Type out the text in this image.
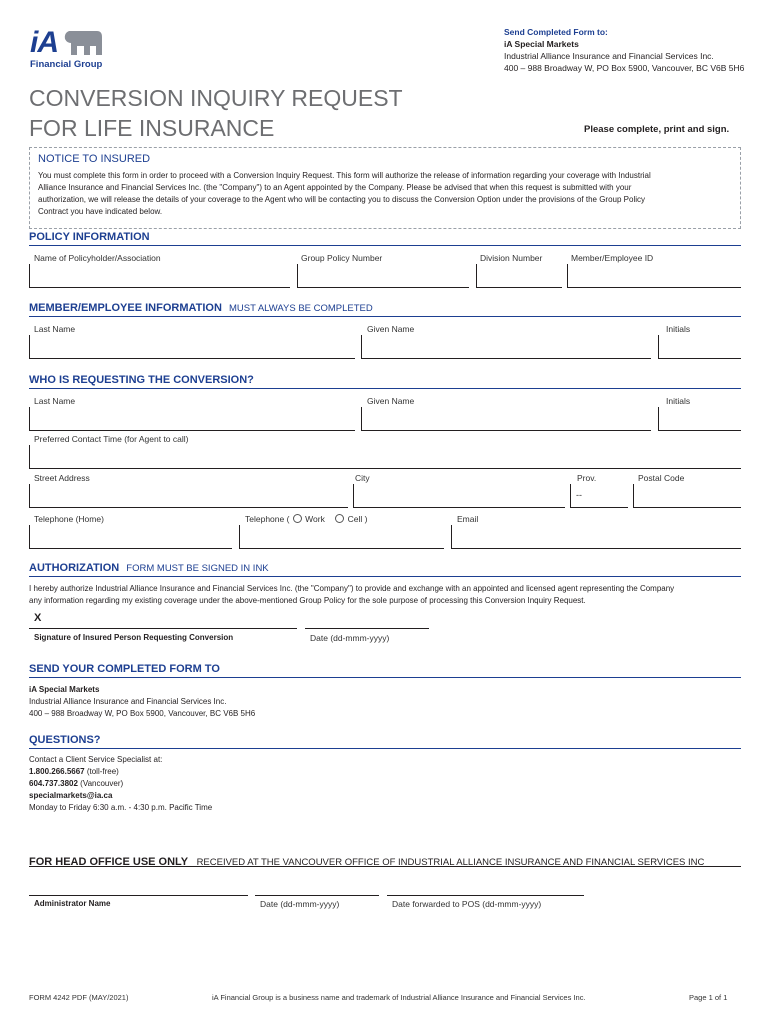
iA
Financial Group
Send Completed Form to:
iA Special Markets
Industrial Alliance Insurance and Financial Services Inc.
400 – 988 Broadway W, PO Box 5900, Vancouver, BC V6B 5H6
CONVERSION INQUIRY REQUEST
FOR LIFE INSURANCE	Please complete, print and sign.
NOTICE TO INSURED
You must complete this form in order to proceed with a Conversion Inquiry Request. This form will authorize the release of information regarding your coverage with Industrial
Alliance Insurance and Financial Services Inc. (the "Company") to an Agent appointed by the Company. Please be advised that when this request is submitted with your
authorization, we will release the details of your coverage to the Agent who will be contacting you to discuss the Conversion Option under the provisions of the Group Policy
Contract you have indicated below.
POLICY INFORMATION
Name of Policyholder/Association	Group Policy Number	Division Number	Member/Employee ID
MEMBER/EMPLOYEE INFORMATION MUST ALWAYS BE COMPLETED
Last Name	Given Name	Initials
WHO IS REQUESTING THE CONVERSION?
Last Name	Given Name	Initials
Preferred Contact Time (for Agent to call)
Street Address	City	Prov.	Postal Code
--
Telephone (Home)	Telephone ( Work	Cell )	Email
AUTHORIZATION FORM MUST BE SIGNED IN INK
I hereby authorize Industrial Alliance Insurance and Financial Services Inc. (the "Company") to provide and exchange with an appointed and licensed agent representing the Company
any information regarding my existing coverage under the above-mentioned Group Policy for the sole purpose of processing this Conversion Inquiry Request.
X
Signature of Insured Person Requesting Conversion	Date (dd-mmm-yyyy)
SEND YOUR COMPLETED FORM TO
iA Special Markets
Industrial Alliance Insurance and Financial Services Inc.
400 – 988 Broadway W, PO Box 5900, Vancouver, BC V6B 5H6
QUESTIONS?
Contact a Client Service Specialist at:
1.800.266.5667 (toll-free)
604.737.3802 (Vancouver)
specialmarkets@ia.ca
Monday to Friday 6:30 a.m. - 4:30 p.m. Pacific Time
FOR HEAD OFFICE USE ONLY RECEIVED AT THE VANCOUVER OFFICE OF INDUSTRIAL ALLIANCE INSURANCE AND FINANCIAL SERVICES INC
Administrator Name	Date (dd-mmm-yyyy)	Date forwarded to POS (dd-mmm-yyyy)
FORM 4242 PDF (MAY/2021)	iA Financial Group is a business name and trademark of Industrial Alliance Insurance and Financial Services Inc.	Page 1 of 1
